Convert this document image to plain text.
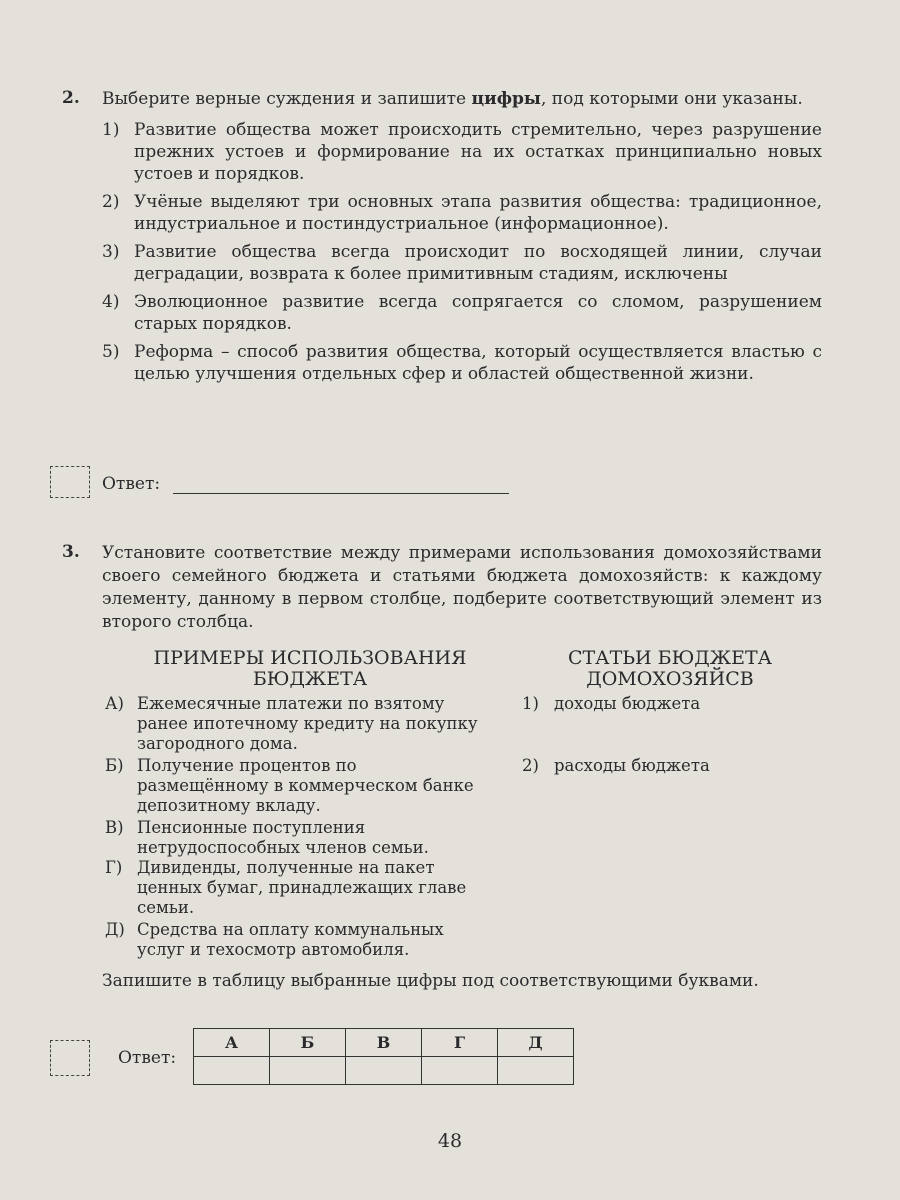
2. Выберите верные суждения и запишите цифры, под которыми они указаны.
1) Развитие общества может происходить стремительно, через разрушение прежних устоев и формирование на их остатках принципиально новых устоев и порядков.
2) Учёные выделяют три основных этапа развития общества: традиционное, индустриальное и постиндустриальное (информационное).
3) Развитие общества всегда происходит по восходящей линии, случаи деградации, возврата к более примитивным стадиям, исключены
4) Эволюционное развитие всегда сопрягается со сломом, разрушением старых порядков.
5) Реформа – способ развития общества, который осуществляется властью с целью улучшения отдельных сфер и областей общественной жизни.
Ответ:
3. Установите соответствие между примерами использования домохозяйствами своего семейного бюджета и статьями бюджета домохозяйств: к каждому элементу, данному в первом столбце, подберите соответствующий элемент из второго столбца.
ПРИМЕРЫ ИСПОЛЬЗОВАНИЯ
БЮДЖЕТА
СТАТЬИ БЮДЖЕТА
ДОМОХОЗЯЙСВ
А) Ежемесячные платежи по взятому ранее ипотечному кредиту на покупку загородного дома.
Б) Получение процентов по размещённому в коммерческом банке депозитному вкладу.
В) Пенсионные поступления нетрудоспособных членов семьи.
Г) Дивиденды, полученные на пакет ценных бумаг, принадлежащих главе семьи.
Д) Средства на оплату коммунальных услуг и техосмотр автомобиля.
1) доходы бюджета
2) расходы бюджета
Запишите в таблицу выбранные цифры под соответствующими буквами.
Ответ:
А	Б	В	Г	Д

48
